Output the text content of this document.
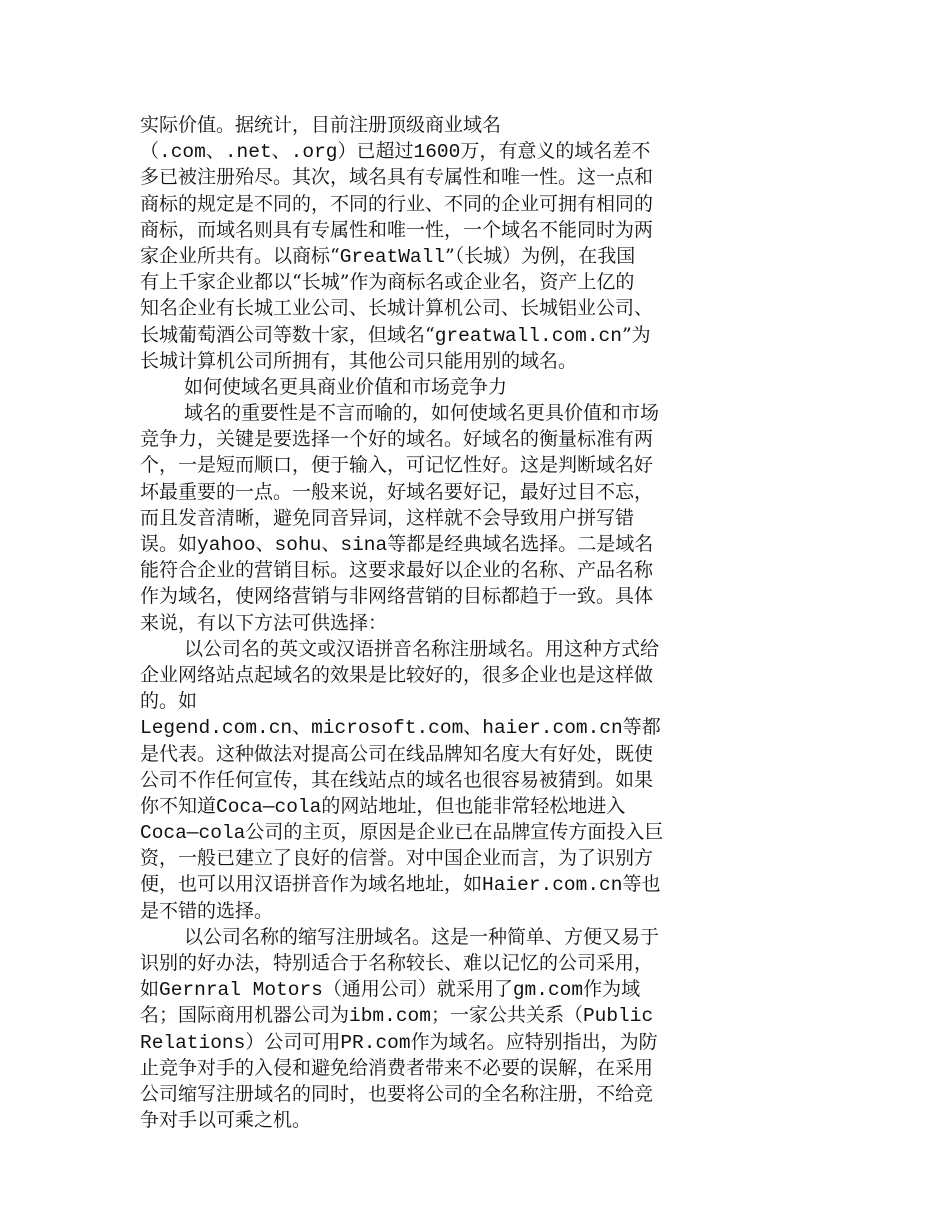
实际价值。据统计，目前注册顶级商业域名
（.com、.net、.org）已超过1600万，有意义的域名差不
多已被注册殆尽。其次，域名具有专属性和唯一性。这一点和
商标的规定是不同的，不同的行业、不同的企业可拥有相同的
商标，而域名则具有专属性和唯一性，一个域名不能同时为两
家企业所共有。以商标“GreatWall”（长城）为例，在我国
有上千家企业都以“长城”作为商标名或企业名，资产上亿的
知名企业有长城工业公司、长城计算机公司、长城铝业公司、
长城葡萄酒公司等数十家，但域名“greatwall.com.cn”为
长城计算机公司所拥有，其他公司只能用别的域名。
如何使域名更具商业价值和市场竞争力
域名的重要性是不言而喻的，如何使域名更具价值和市场
竞争力，关键是要选择一个好的域名。好域名的衡量标准有两
个，一是短而顺口，便于输入，可记忆性好。这是判断域名好
坏最重要的一点。一般来说，好域名要好记，最好过目不忘，
而且发音清晰，避免同音异词，这样就不会导致用户拼写错
误。如yahoo、sohu、sina等都是经典域名选择。二是域名
能符合企业的营销目标。这要求最好以企业的名称、产品名称
作为域名，使网络营销与非网络营销的目标都趋于一致。具体
来说，有以下方法可供选择：
以公司名的英文或汉语拼音名称注册域名。用这种方式给
企业网络站点起域名的效果是比较好的，很多企业也是这样做
的。如
Legend.com.cn、microsoft.com、haier.com.cn等都
是代表。这种做法对提高公司在线品牌知名度大有好处，既使
公司不作任何宣传，其在线站点的域名也很容易被猜到。如果
你不知道Coca—cola的网站地址，但也能非常轻松地进入
Coca—cola公司的主页，原因是企业已在品牌宣传方面投入巨
资，一般已建立了良好的信誉。对中国企业而言，为了识别方
便，也可以用汉语拼音作为域名地址，如Haier.com.cn等也
是不错的选择。
以公司名称的缩写注册域名。这是一种简单、方便又易于
识别的好办法，特别适合于名称较长、难以记忆的公司采用，
如Gernral Motors（通用公司）就采用了gm.com作为域
名；国际商用机器公司为ibm.com；一家公共关系（Public
Relations）公司可用PR.com作为域名。应特别指出，为防
止竞争对手的入侵和避免给消费者带来不必要的误解，在采用
公司缩写注册域名的同时，也要将公司的全名称注册，不给竞
争对手以可乘之机。
